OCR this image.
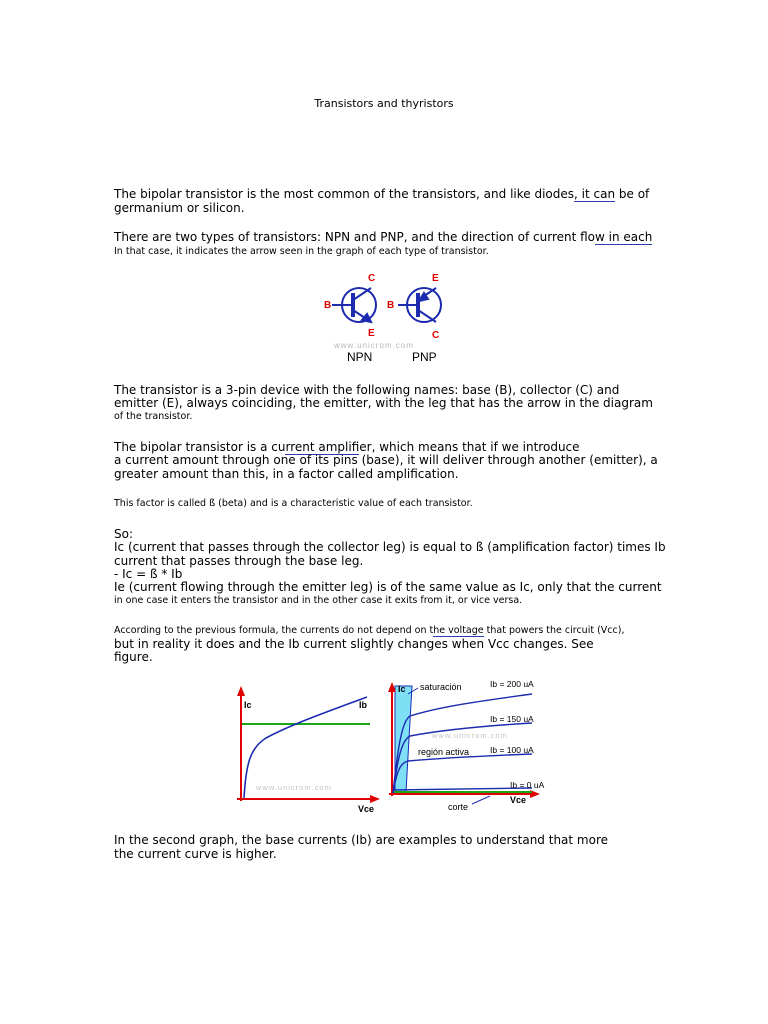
Transistors and thyristors
The bipolar transistor is the most common of the transistors, and like diodes, it can be of
germanium or silicon.
There are two types of transistors: NPN and PNP, and the direction of current flow in each
In that case, it indicates the arrow seen in the graph of each type of transistor.
C
B
E
E
B
C
www.unicrom.com
NPN	PNP
The transistor is a 3-pin device with the following names: base (B), collector (C) and
emitter (E), always coinciding, the emitter, with the leg that has the arrow in the diagram
of the transistor.
The bipolar transistor is a current amplifier, which means that if we introduce
a current amount through one of its pins (base), it will deliver through another (emitter), a
greater amount than this, in a factor called amplification.
This factor is called ß (beta) and is a characteristic value of each transistor.
So:
Ic (current that passes through the collector leg) is equal to ß (amplification factor) times Ib
current that passes through the base leg.
- Ic = ß * Ib
Ie (current flowing through the emitter leg) is of the same value as Ic, only that the current
in one case it enters the transistor and in the other case it exits from it, or vice versa.
According to the previous formula, the currents do not depend on the voltage that powers the circuit (Vcc),
but in reality it does and the Ib current slightly changes when Vcc changes. See
figure.
Ic	Ib
Vce
www.unicrom.com
Ic saturación	Ib = 200 uA
Ib = 150 uA
región activa Ib = 100 uA
Ib = 0 uA
Vce
corte
www.unicrom.com
In the second graph, the base currents (Ib) are examples to understand that more
the current curve is higher.
